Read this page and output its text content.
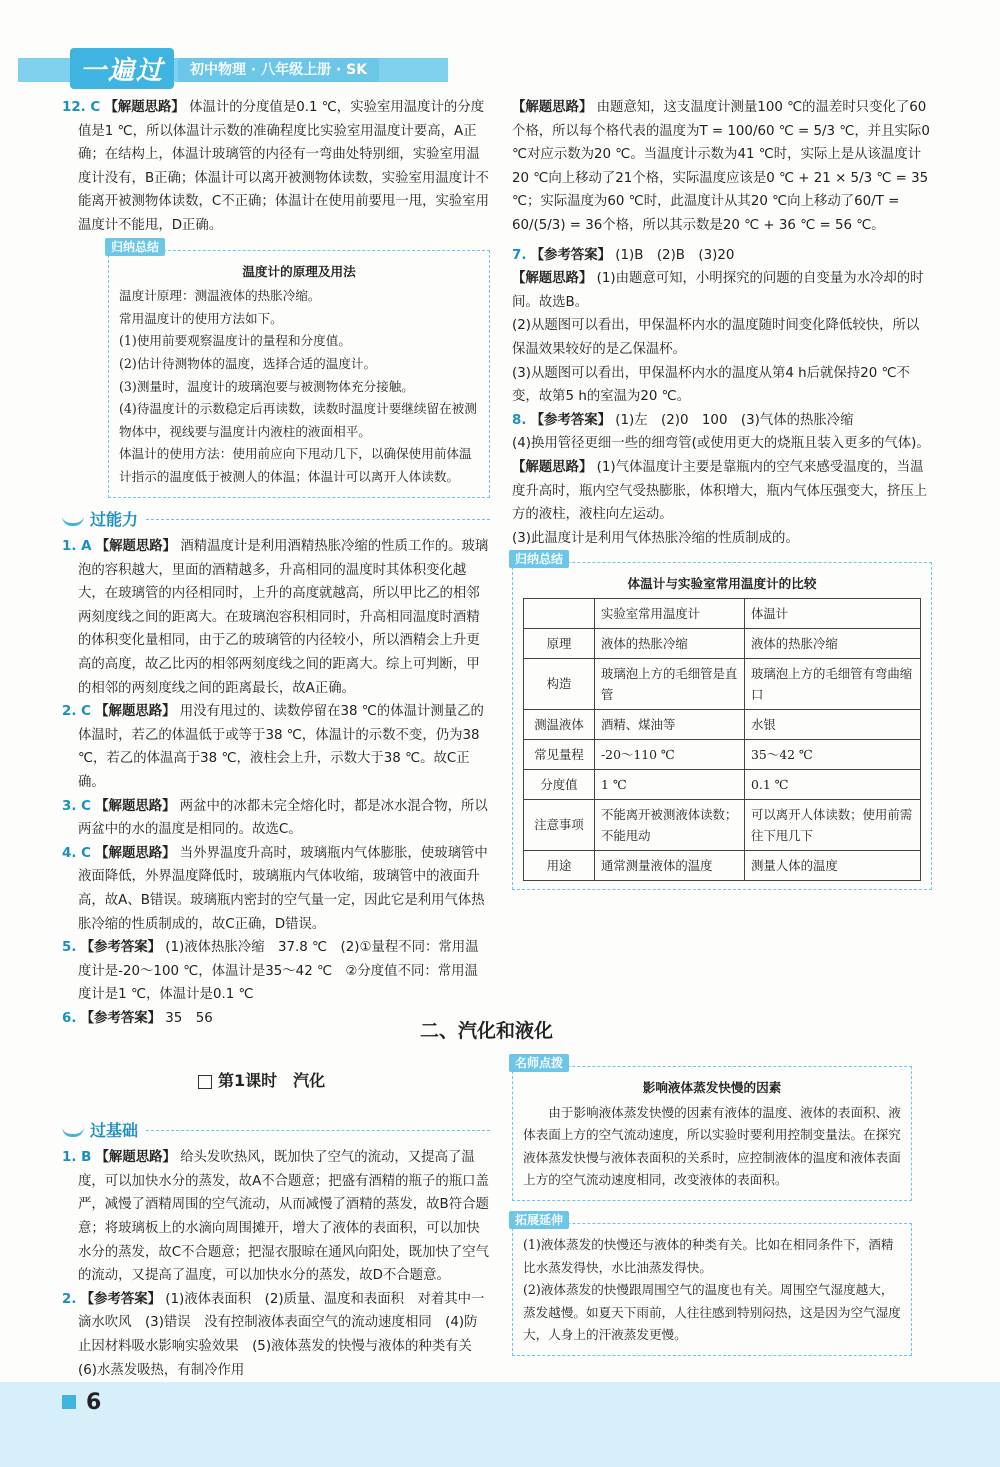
一遍过	初中物理 · 八年级上册 · SK

12. C 【解题思路】 体温计的分度值是0.1 ℃，实验室用温度计的分度值是1 ℃，所以体温计示数的准确程度比实验室用温度计要高，A正确；在结构上，体温计玻璃管的内径有一弯曲处特别细，实验室用温度计没有，B正确；体温计可以离开被测物体读数，实验室用温度计不能离开被测物体读数，C不正确；体温计在使用前要甩一甩，实验室用温度计不能甩，D正确。

归纳总结
温度计的原理及用法

温度计原理：测温液体的热胀冷缩。

常用温度计的使用方法如下。

(1)使用前要观察温度计的量程和分度值。

(2)估计待测物体的温度，选择合适的温度计。

(3)测量时，温度计的玻璃泡要与被测物体充分接触。

(4)待温度计的示数稳定后再读数，读数时温度计要继续留在被测物体中，视线要与温度计内液柱的液面相平。

体温计的使用方法：使用前应向下甩动几下，以确保使用前体温计指示的温度低于被测人的体温；体温计可以离开人体读数。

过能力

1. A 【解题思路】 酒精温度计是利用酒精热胀冷缩的性质工作的。玻璃泡的容积越大，里面的酒精越多，升高相同的温度时其体积变化越大，在玻璃管的内径相同时，上升的高度就越高，所以甲比乙的相邻两刻度线之间的距离大。在玻璃泡容积相同时，升高相同温度时酒精的体积变化量相同，由于乙的玻璃管的内径较小，所以酒精会上升更高的高度，故乙比丙的相邻两刻度线之间的距离大。综上可判断，甲的相邻的两刻度线之间的距离最长，故A正确。

2. C 【解题思路】 用没有甩过的、读数停留在38 ℃的体温计测量乙的体温时，若乙的体温低于或等于38 ℃，体温计的示数不变，仍为38 ℃，若乙的体温高于38 ℃，液柱会上升，示数大于38 ℃。故C正确。

3. C 【解题思路】 两盆中的冰都未完全熔化时，都是冰水混合物，所以两盆中的水的温度是相同的。故选C。

4. C 【解题思路】 当外界温度升高时，玻璃瓶内气体膨胀，使玻璃管中液面降低，外界温度降低时，玻璃瓶内气体收缩，玻璃管中的液面升高，故A、B错误。玻璃瓶内密封的空气量一定，因此它是利用气体热胀冷缩的性质制成的，故C正确，D错误。

5. 【参考答案】 (1)液体热胀冷缩　37.8 ℃　(2)①量程不同：常用温度计是-20～100 ℃，体温计是35～42 ℃　②分度值不同：常用温度计是1 ℃，体温计是0.1 ℃

6. 【参考答案】 35　56

过基础

1. B 【解题思路】 给头发吹热风，既加快了空气的流动，又提高了温度，可以加快水分的蒸发，故A不合题意；把盛有酒精的瓶子的瓶口盖严，减慢了酒精周围的空气流动，从而减慢了酒精的蒸发，故B符合题意；将玻璃板上的水滴向周围摊开，增大了液体的表面积，可以加快水分的蒸发，故C不合题意；把湿衣服晾在通风向阳处，既加快了空气的流动，又提高了温度，可以加快水分的蒸发，故D不合题意。

2. 【参考答案】 (1)液体表面积　(2)质量、温度和表面积　对着其中一滴水吹风　(3)错误　没有控制液体表面空气的流动速度相同　(4)防止因材料吸水影响实验效果　(5)液体蒸发的快慢与液体的种类有关　(6)水蒸发吸热，有制冷作用

【解题思路】 由题意知，这支温度计测量100 ℃的温差时只变化了60个格，所以每个格代表的温度为T = 100/60 ℃ = 5/3 ℃，并且实际0 ℃对应示数为20 ℃。当温度计示数为41 ℃时，实际上是从该温度计20 ℃向上移动了21个格，实际温度应该是0 ℃ + 21 × 5/3 ℃ = 35 ℃；实际温度为60 ℃时，此温度计从其20 ℃向上移动了60/T = 60/(5/3) = 36个格，所以其示数是20 ℃ + 36 ℃ = 56 ℃。

7. 【参考答案】 (1)B　(2)B　(3)20

【解题思路】 (1)由题意可知，小明探究的问题的自变量为水冷却的时间。故选B。

(2)从题图可以看出，甲保温杯内水的温度随时间变化降低较快，所以保温效果较好的是乙保温杯。

(3)从题图可以看出，甲保温杯内水的温度从第4 h后就保持20 ℃不变，故第5 h的室温为20 ℃。

8. 【参考答案】 (1)左　(2)0　100　(3)气体的热胀冷缩

(4)换用管径更细一些的细弯管(或使用更大的烧瓶且装入更多的气体)。

【解题思路】 (1)气体温度计主要是靠瓶内的空气来感受温度的，当温度升高时，瓶内空气受热膨胀，体积增大，瓶内气体压强变大，挤压上方的液柱，液柱向左运动。

(3)此温度计是利用气体热胀冷缩的性质制成的。

归纳总结
体温计与实验室常用温度计的比较
	实验室常用温度计	体温计
原理	液体的热胀冷缩	液体的热胀冷缩
构造	玻璃泡上方的毛细管是直管	玻璃泡上方的毛细管有弯曲缩口
测温液体	酒精、煤油等	水银
常见量程	-20～110 ℃	35～42 ℃
分度值	1 ℃	0.1 ℃
注意事项	不能离开被测液体读数；不能甩动	可以离开人体读数；使用前需往下甩几下
用途	通常测量液体的温度	测量人体的温度
二、汽化和液化
第1课时　汽化
名师点拨
影响液体蒸发快慢的因素

由于影响液体蒸发快慢的因素有液体的温度、液体的表面积、液体表面上方的空气流动速度，所以实验时要利用控制变量法。在探究液体蒸发快慢与液体表面积的关系时，应控制液体的温度和液体表面上方的空气流动速度相同，改变液体的表面积。

拓展延伸

(1)液体蒸发的快慢还与液体的种类有关。比如在相同条件下，酒精比水蒸发得快，水比油蒸发得快。

(2)液体蒸发的快慢跟周围空气的温度也有关。周围空气湿度越大，蒸发越慢。如夏天下雨前，人往往感到特别闷热，这是因为空气湿度大，人身上的汗液蒸发更慢。

6
